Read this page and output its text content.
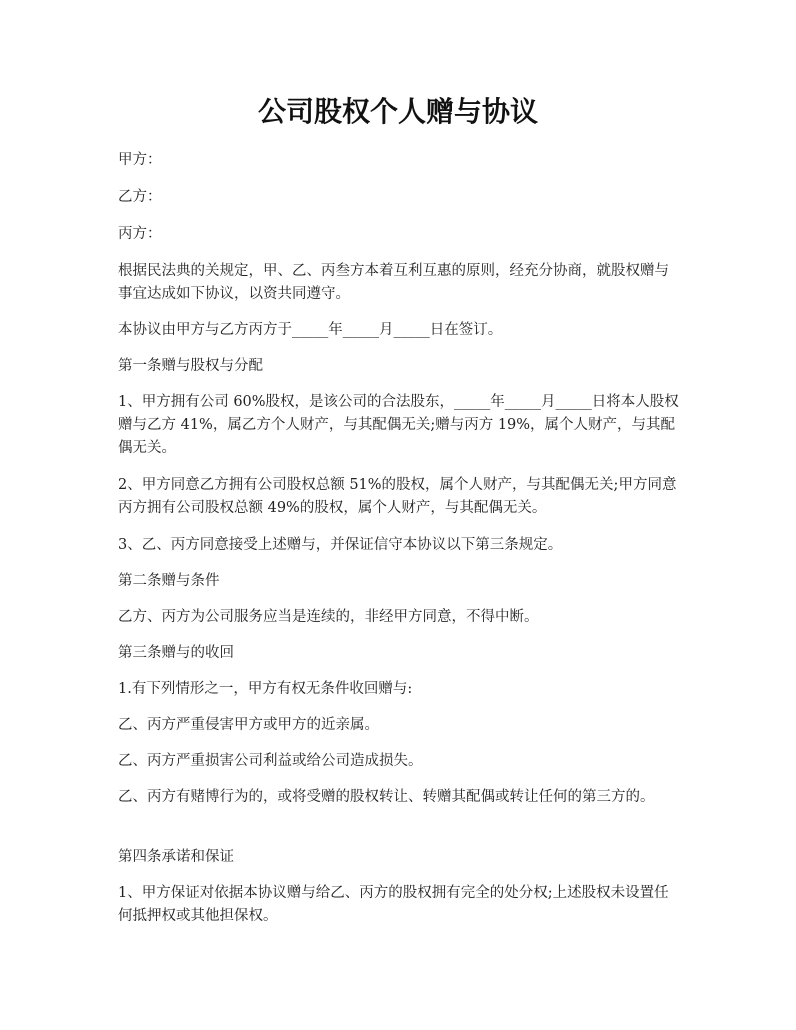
公司股权个人赠与协议

甲方：

乙方：

丙方：

根据民法典的关规定，甲、乙、丙叁方本着互利互惠的原则，经充分协商，就股权赠与事宜达成如下协议，以资共同遵守。

本协议由甲方与乙方丙方于_____年_____月_____日在签订。

第一条赠与股权与分配

1、甲方拥有公司 60%股权，是该公司的合法股东，_____年_____月_____日将本人股权赠与乙方 41%，属乙方个人财产，与其配偶无关;赠与丙方 19%，属个人财产，与其配偶无关。

2、甲方同意乙方拥有公司股权总额 51%的股权，属个人财产，与其配偶无关;甲方同意丙方拥有公司股权总额 49%的股权，属个人财产，与其配偶无关。

3、乙、丙方同意接受上述赠与，并保证信守本协议以下第三条规定。

第二条赠与条件

乙方、丙方为公司服务应当是连续的，非经甲方同意，不得中断。

第三条赠与的收回

1.有下列情形之一，甲方有权无条件收回赠与:

乙、丙方严重侵害甲方或甲方的近亲属。

乙、丙方严重损害公司利益或给公司造成损失。

乙、丙方有赌博行为的，或将受赠的股权转让、转赠其配偶或转让任何的第三方的。

第四条承诺和保证

1、甲方保证对依据本协议赠与给乙、丙方的股权拥有完全的处分权;上述股权未设置任何抵押权或其他担保权。
